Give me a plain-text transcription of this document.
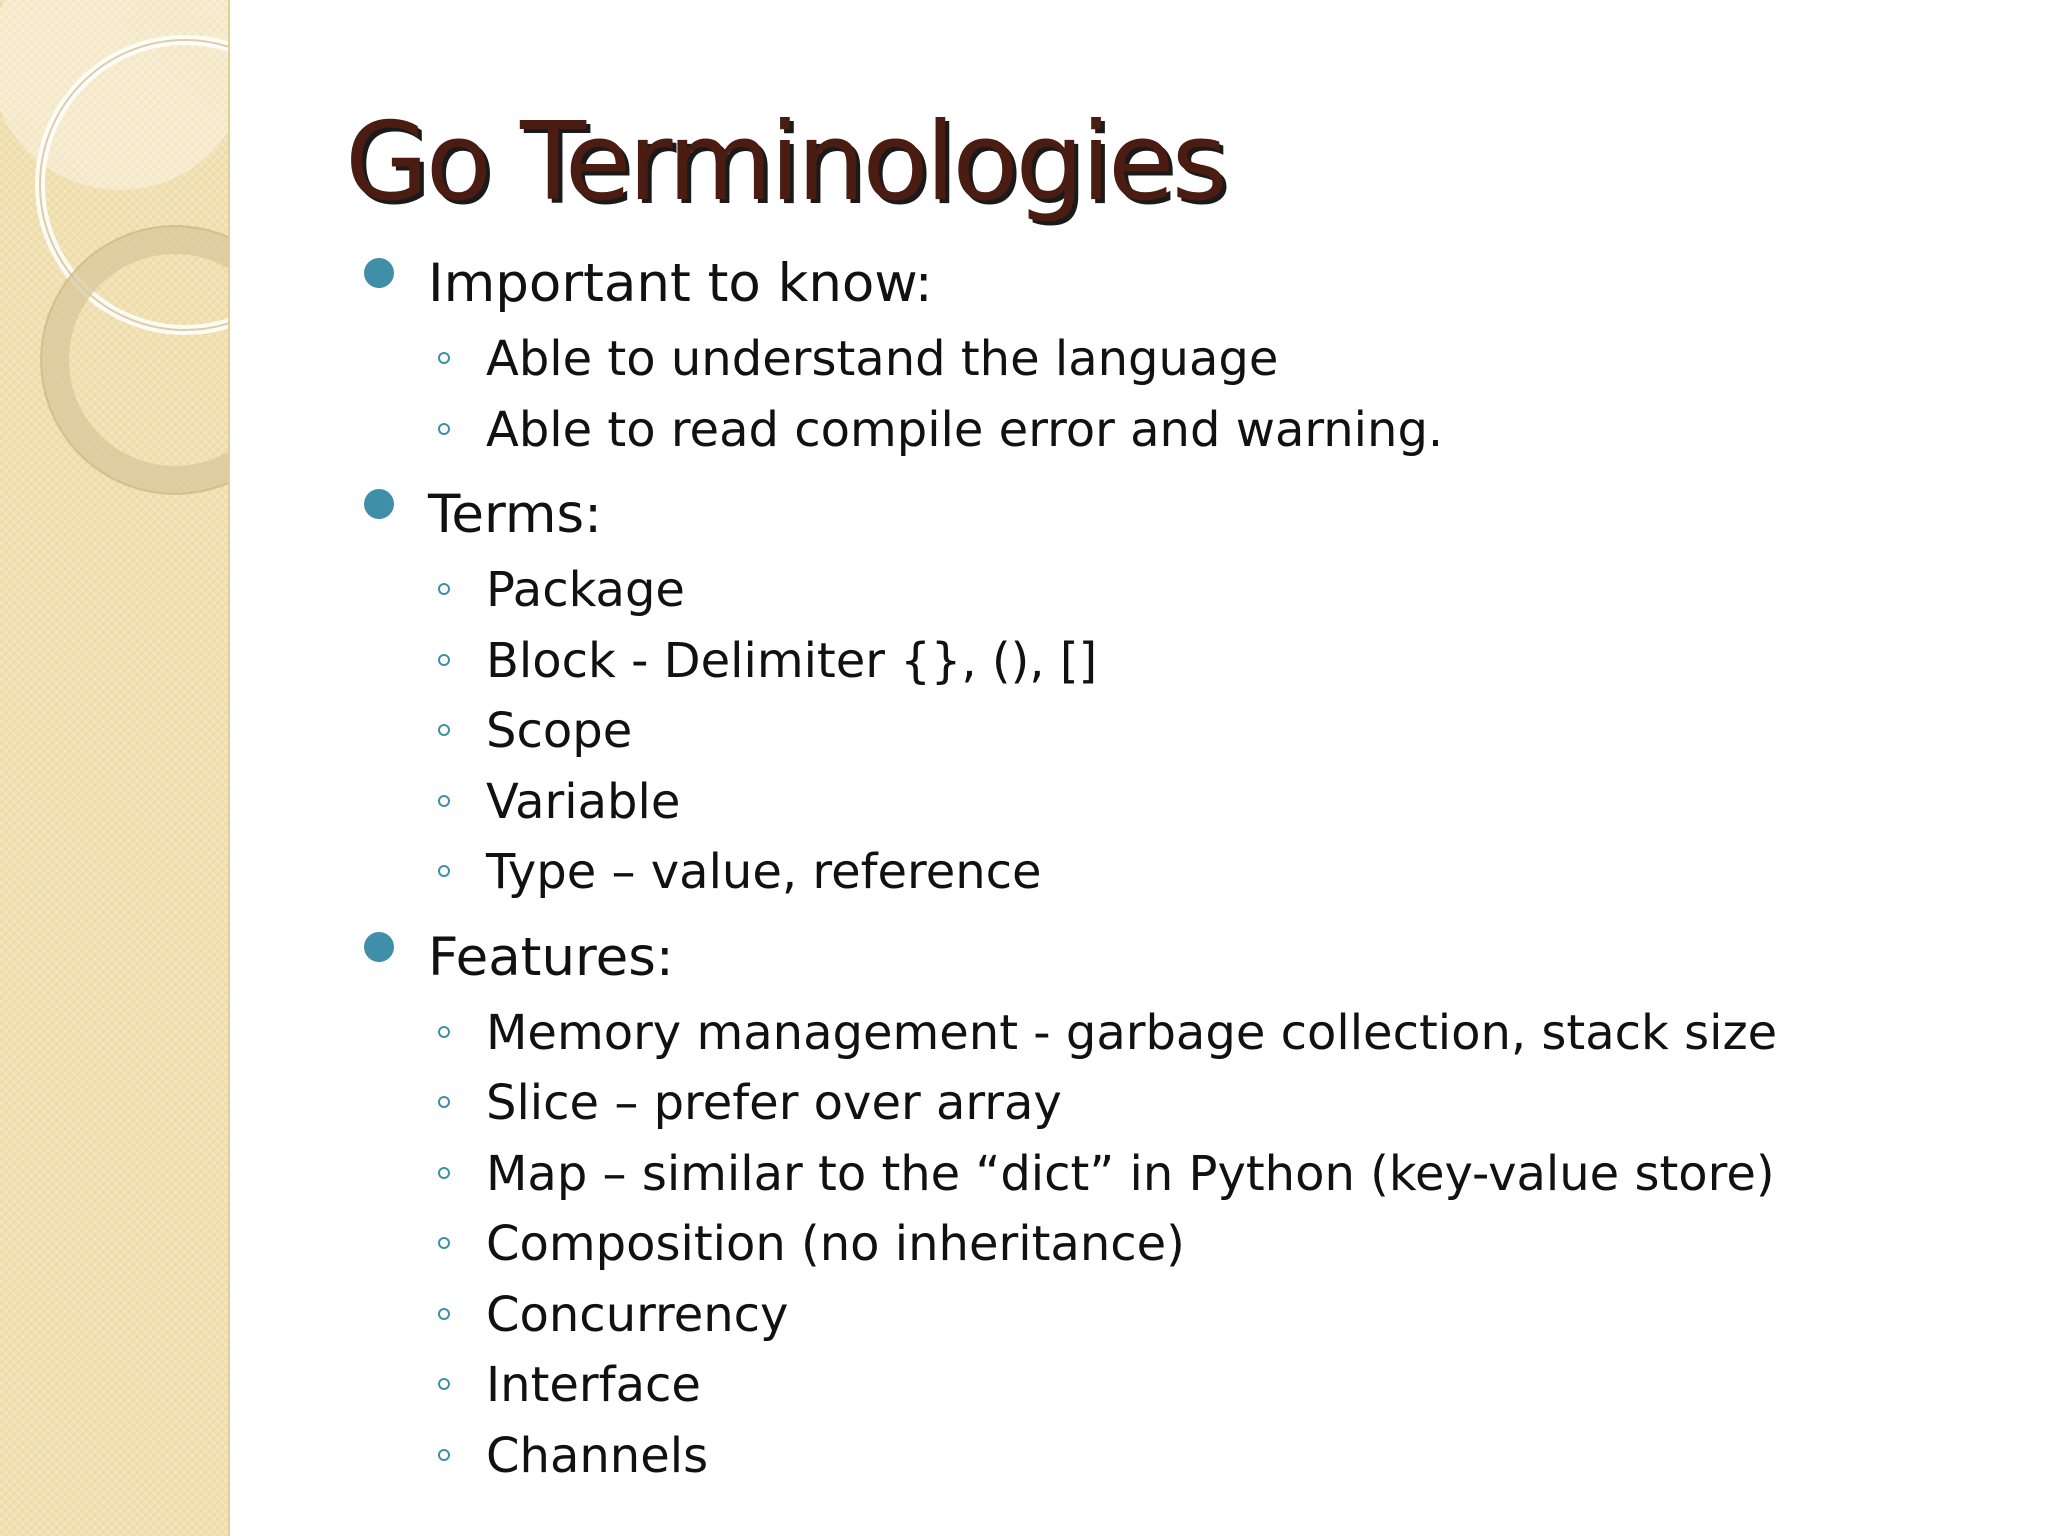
Go Terminologies
Important to know:
Able to understand the language
Able to read compile error and warning.
Terms:
Package
Block - Delimiter {}, (), []
Scope
Variable
Type – value, reference
Features:
Memory management - garbage collection, stack size
Slice – prefer over array
Map – similar to the “dict” in Python (key-value store)
Composition (no inheritance)
Concurrency
Interface
Channels
